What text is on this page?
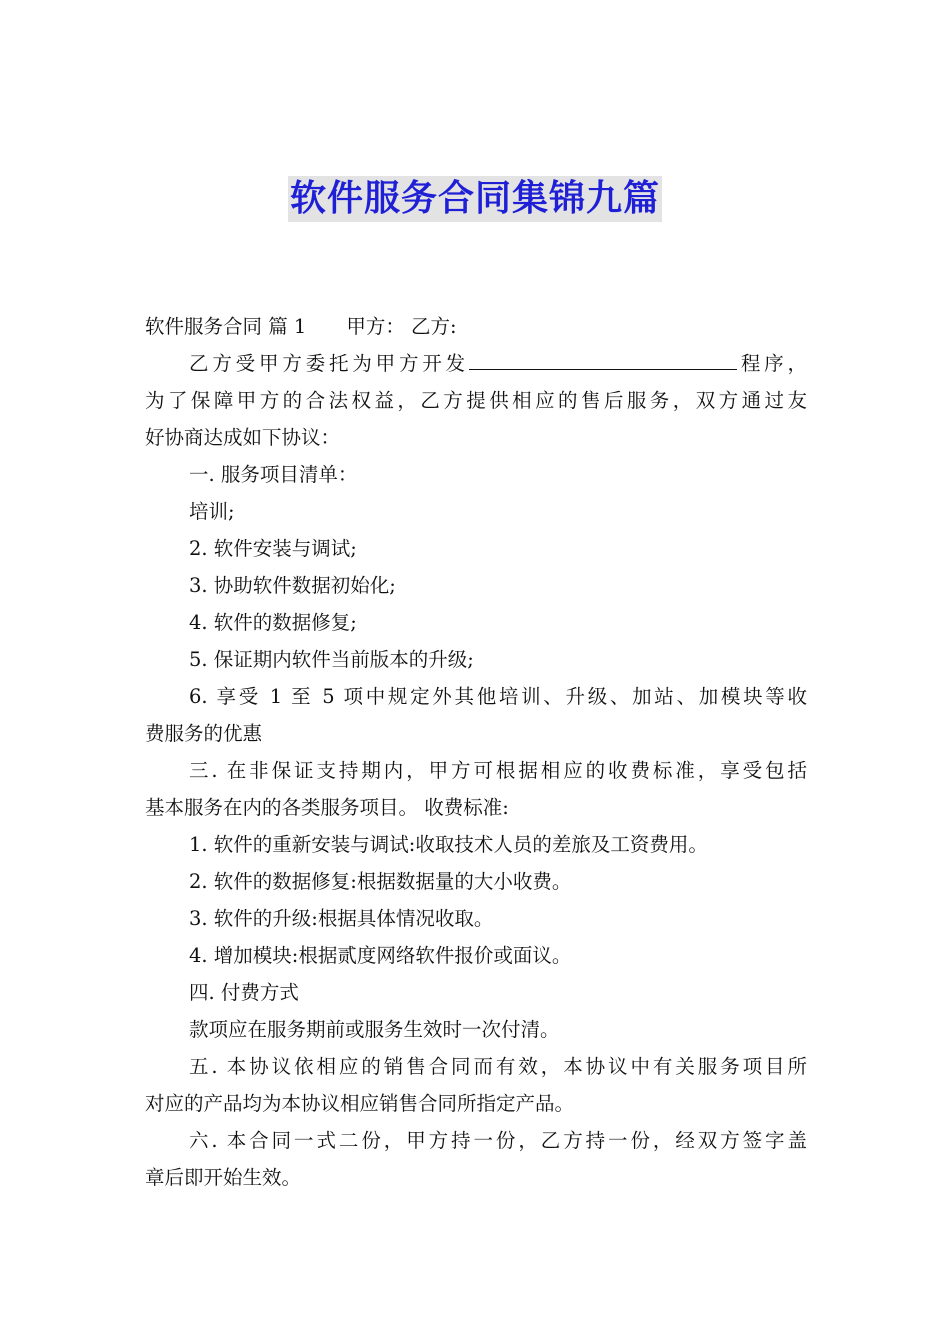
软件服务合同集锦九篇
软件服务合同 篇 1 甲方： 乙方:
乙方受甲方委托为甲方开发	程序，
为了保障甲方的合法权益，乙方提供相应的售后服务，双方通过友
好协商达成如下协议：
一. 服务项目清单：
培训;
2. 软件安装与调试;
3. 协助软件数据初始化;
4. 软件的数据修复;
5. 保证期内软件当前版本的升级;
6. 享受 1 至 5 项中规定外其他培训、升级、加站、加模块等收
费服务的优惠
三. 在非保证支持期内，甲方可根据相应的收费标准，享受包括
基本服务在内的各类服务项目。 收费标准:
1. 软件的重新安装与调试:收取技术人员的差旅及工资费用。
2. 软件的数据修复:根据数据量的大小收费。
3. 软件的升级:根据具体情况收取。
4. 增加模块:根据贰度网络软件报价或面议。
四. 付费方式
款项应在服务期前或服务生效时一次付清。
五. 本协议依相应的销售合同而有效，本协议中有关服务项目所
对应的产品均为本协议相应销售合同所指定产品。
六. 本合同一式二份，甲方持一份，乙方持一份，经双方签字盖
章后即开始生效。
